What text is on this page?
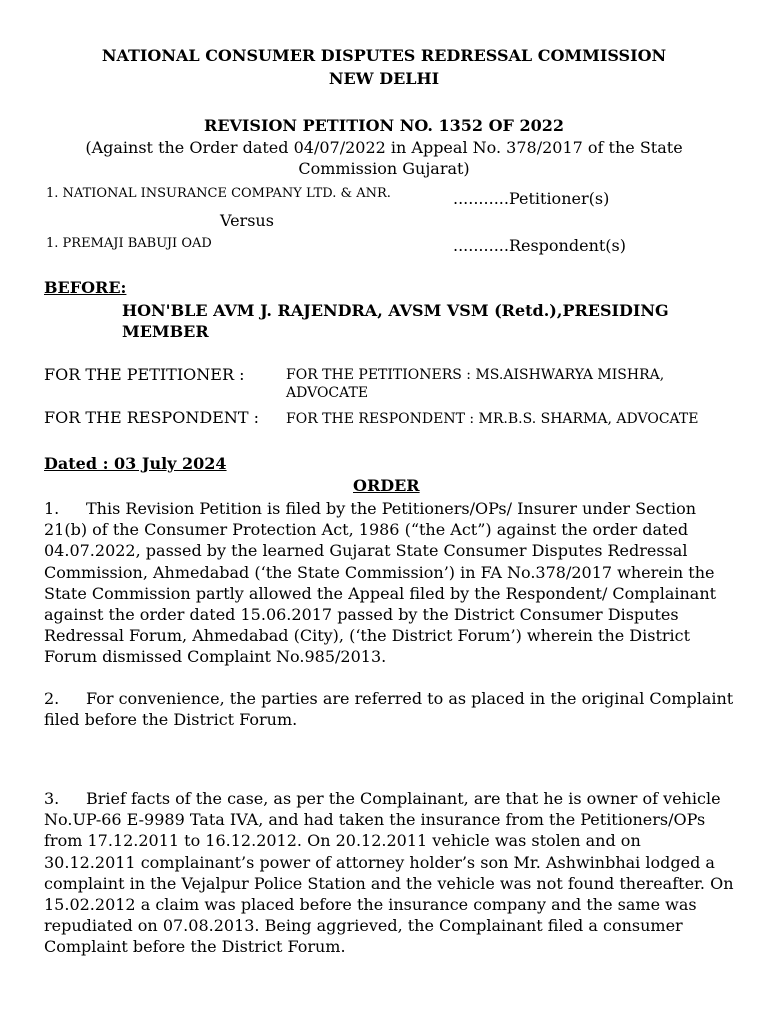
NATIONAL CONSUMER DISPUTES REDRESSAL COMMISSION
NEW DELHI
REVISION PETITION NO. 1352 OF 2022
(Against the Order dated 04/07/2022 in Appeal No. 378/2017 of the State
Commission Gujarat)
1. NATIONAL INSURANCE COMPANY LTD. & ANR.	...........Petitioner(s)
Versus
1. PREMAJI BABUJI OAD	...........Respondent(s)
BEFORE:
HON'BLE AVM J. RAJENDRA, AVSM VSM (Retd.),PRESIDING
MEMBER
FOR THE PETITIONER :	FOR THE PETITIONERS : MS.AISHWARYA MISHRA,
ADVOCATE
FOR THE RESPONDENT : FOR THE RESPONDENT : MR.B.S. SHARMA, ADVOCATE
Dated : 03 July 2024
ORDER
1. This Revision Petition is filed by the Petitioners/OPs/ Insurer under Section 21(b) of the Consumer Protection Act, 1986 (“the Act”) against the order dated 04.07.2022, passed by the learned Gujarat State Consumer Disputes Redressal Commission, Ahmedabad (‘the State Commission’) in FA No.378/2017 wherein the State Commission partly allowed the Appeal filed by the Respondent/ Complainant against the order dated 15.06.2017 passed by the District Consumer Disputes Redressal Forum, Ahmedabad (City), (‘the District Forum’) wherein the District Forum dismissed Complaint No.985/2013.
2. For convenience, the parties are referred to as placed in the original Complaint filed before the District Forum.
3. Brief facts of the case, as per the Complainant, are that he is owner of vehicle No.UP-66 E-9989 Tata IVA, and had taken the insurance from the Petitioners/OPs from 17.12.2011 to 16.12.2012. On 20.12.2011 vehicle was stolen and on 30.12.2011 complainant’s power of attorney holder’s son Mr. Ashwinbhai lodged a complaint in the Vejalpur Police Station and the vehicle was not found thereafter. On 15.02.2012 a claim was placed before the insurance company and the same was repudiated on 07.08.2013. Being aggrieved, the Complainant filed a consumer Complaint before the District Forum.
